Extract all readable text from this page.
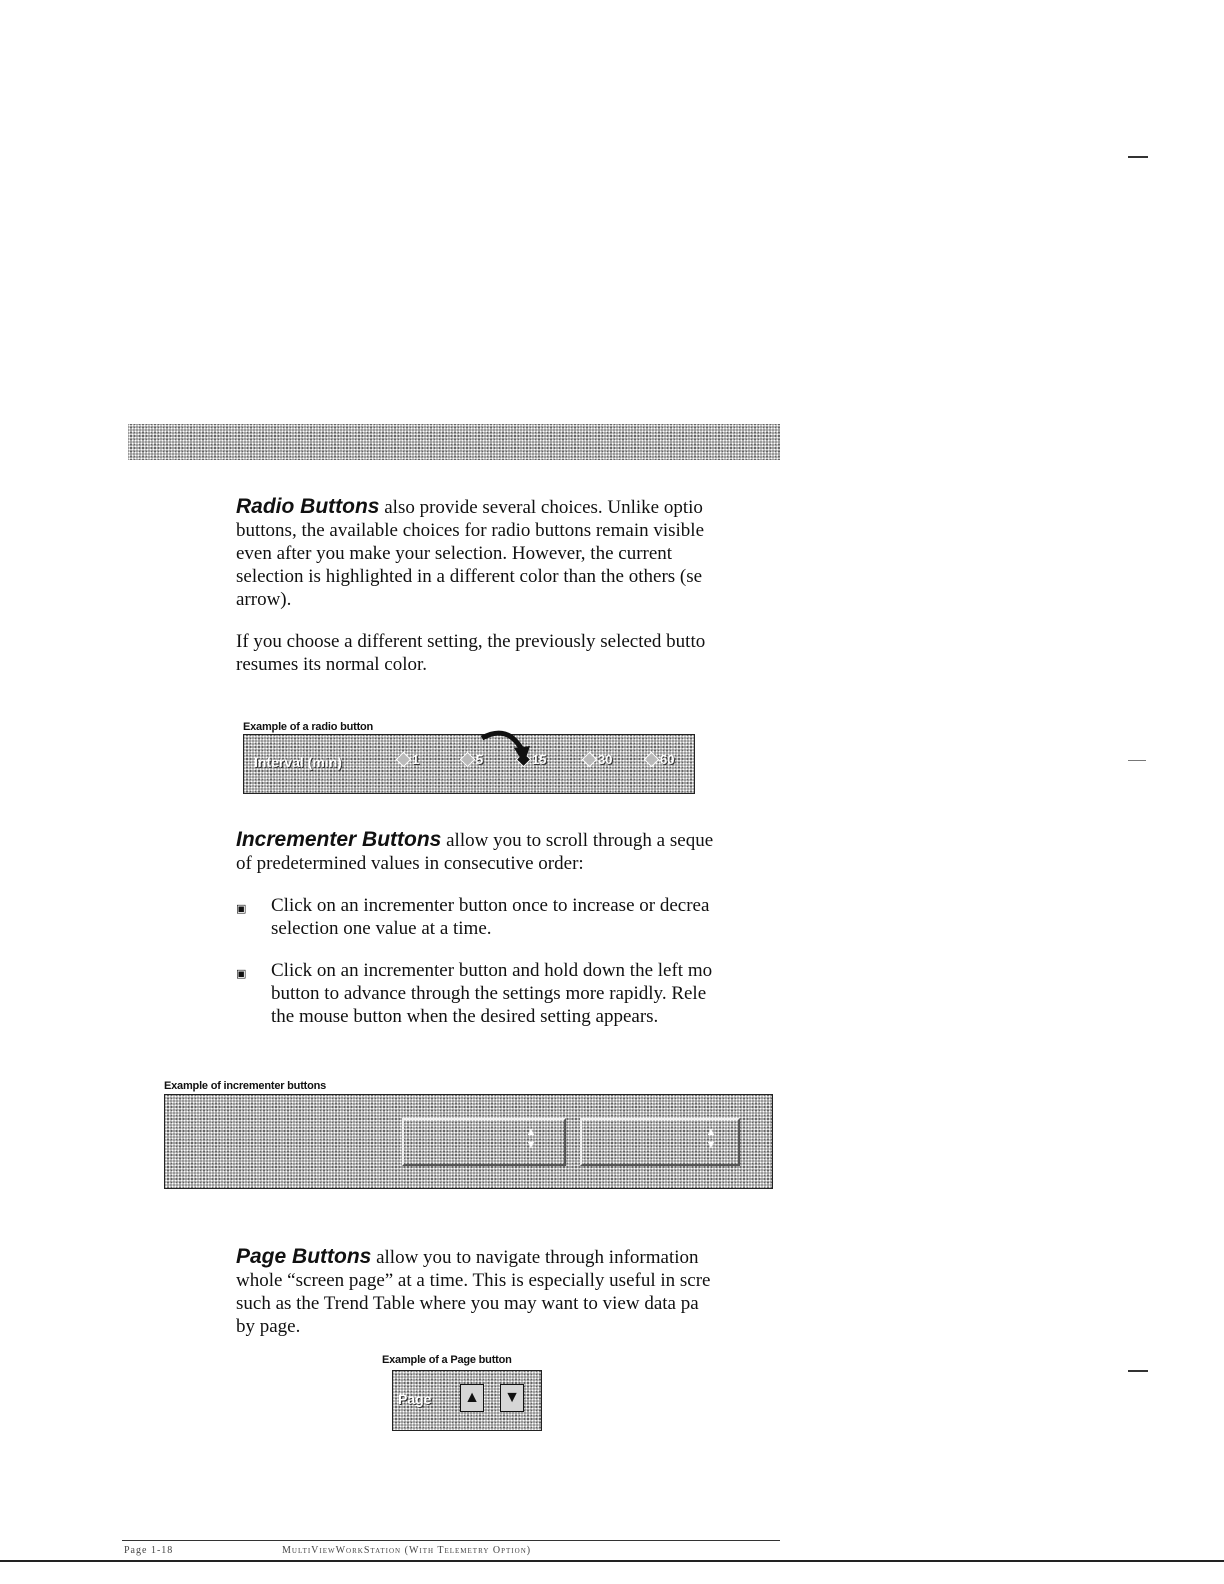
Radio Buttons also provide several choices. Unlike optio
buttons, the available choices for radio buttons remain visible
even after you make your selection. However, the current
selection is highlighted in a different color than the others (se
arrow).
If you choose a different setting, the previously selected butto
resumes its normal color.
Example of a radio button
Interval (min)	1	5	15	30	60
Incrementer Buttons allow you to scroll through a seque
of predetermined values in consecutive order:
▣ Click on an incrementer button once to increase or decrea
selection one value at a time.
▣ Click on an incrementer button and hold down the left mo
button to advance through the settings more rapidly. Rele
the mouse button when the desired setting appears.
Example of incrementer buttons
▲
▼
▲
▼
Page Buttons allow you to navigate through information
whole “screen page” at a time. This is especially useful in scre
such as the Trend Table where you may want to view data pa
by page.
Example of a Page button
Page ▲ ▼
Page 1-18	MultiViewWorkStation (With Telemetry Option)
